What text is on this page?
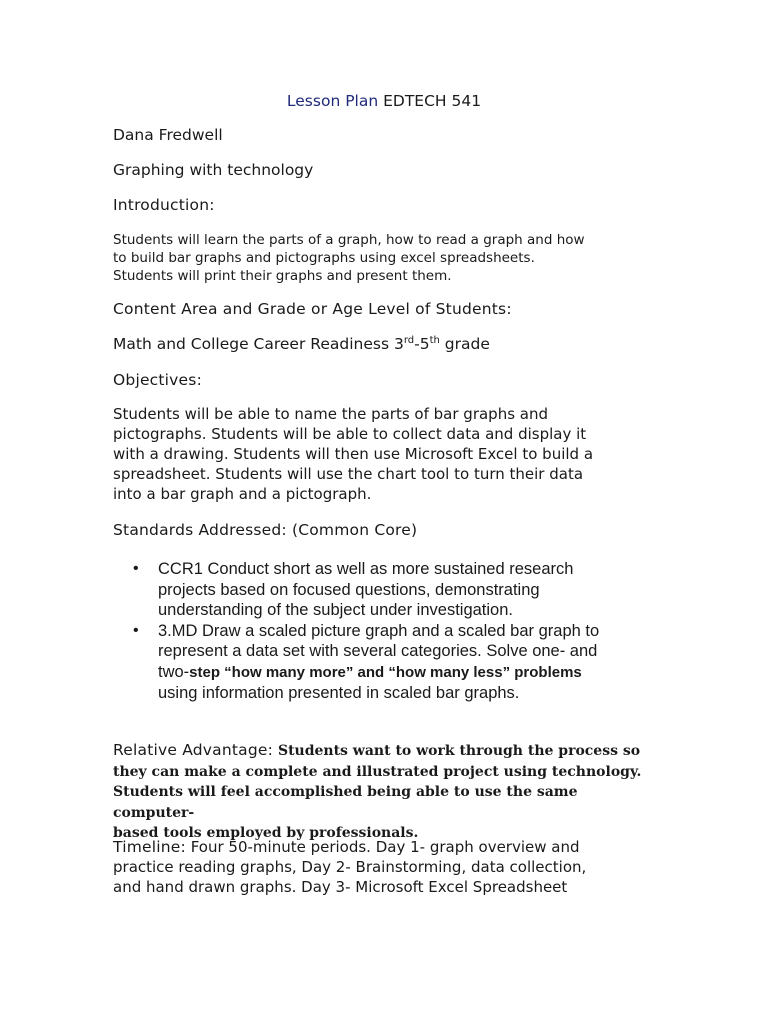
Lesson Plan EDTECH 541

Dana Fredwell

Graphing with technology

Introduction:

Students will learn the parts of a graph, how to read a graph and how
to build bar graphs and pictographs using excel spreadsheets.
Students will print their graphs and present them.

Content Area and Grade or Age Level of Students:

Math and College Career Readiness 3rd-5th grade

Objectives:

Students will be able to name the parts of bar graphs and
pictographs. Students will be able to collect data and display it
with a drawing. Students will then use Microsoft Excel to build a
spreadsheet. Students will use the chart tool to turn their data
into a bar graph and a pictograph.

Standards Addressed: (Common Core)

• CCR1 Conduct short as well as more sustained research
projects based on focused questions, demonstrating
understanding of the subject under investigation.
• 3.MD Draw a scaled picture graph and a scaled bar graph to
represent a data set with several categories. Solve one- and
two-step “how many more” and “how many less” problems
using information presented in scaled bar graphs.
Relative Advantage: Students want to work through the process so
they can make a complete and illustrated project using technology.
Students will feel accomplished being able to use the same computer-
based tools employed by professionals.
Timeline: Four 50-minute periods. Day 1- graph overview and
practice reading graphs, Day 2- Brainstorming, data collection,
and hand drawn graphs. Day 3- Microsoft Excel Spreadsheet
